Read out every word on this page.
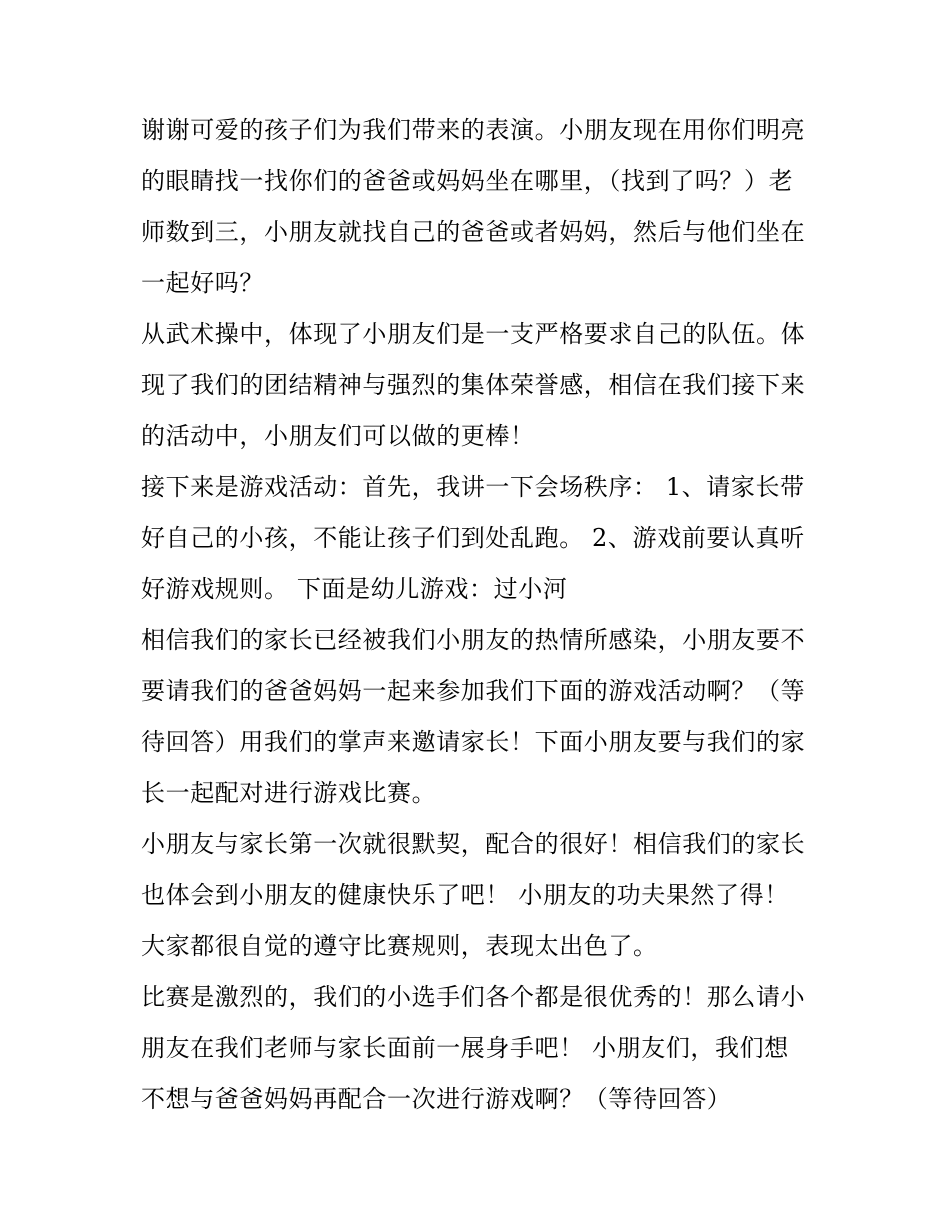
谢谢可爱的孩子们为我们带来的表演。小朋友现在用你们明亮
的眼睛找一找你们的爸爸或妈妈坐在哪里，（找到了吗？）老
师数到三，小朋友就找自己的爸爸或者妈妈，然后与他们坐在
一起好吗？
从武术操中，体现了小朋友们是一支严格要求自己的队伍。体
现了我们的团结精神与强烈的集体荣誉感，相信在我们接下来
的活动中，小朋友们可以做的更棒！
接下来是游戏活动：首先，我讲一下会场秩序： 1、请家长带
好自己的小孩，不能让孩子们到处乱跑。 2、游戏前要认真听
好游戏规则。 下面是幼儿游戏：过小河
相信我们的家长已经被我们小朋友的热情所感染，小朋友要不
要请我们的爸爸妈妈一起来参加我们下面的游戏活动啊？（等
待回答）用我们的掌声来邀请家长！下面小朋友要与我们的家
长一起配对进行游戏比赛。
小朋友与家长第一次就很默契，配合的很好！相信我们的家长
也体会到小朋友的健康快乐了吧！ 小朋友的功夫果然了得！
大家都很自觉的遵守比赛规则，表现太出色了。
比赛是激烈的，我们的小选手们各个都是很优秀的！那么请小
朋友在我们老师与家长面前一展身手吧！ 小朋友们，我们想
不想与爸爸妈妈再配合一次进行游戏啊？（等待回答）
